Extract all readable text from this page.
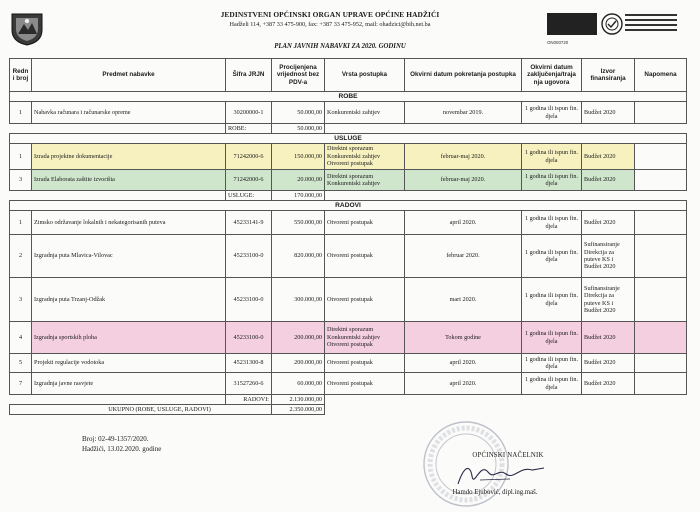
JEDINSTVENI OPĆINSKI ORGAN UPRAVE OPĆINE HADŽIĆI
Hadželi 114, +387 33 475-900, fax: +387 33 475-952, mail: ohadzici@bih.net.ba
ON000720
PLAN JAVNIH NABAVKI ZA 2020. GODINU
Redn i broj	Predmet nabavke	Šifra JRJN	Procijenjena vrijednost bez PDV-a	Vrsta postupka	Okvirni datum pokretanja postupka	Okvirni datum zaključenja/traja nja ugovora	Izvor finansiranja	Napomena
ROBE								
1	Nabavka računara i računarske opreme	30200000-1	50.000,00	Konkurentski zahtjev	novembar 2019.	1 godina ili ispun fin. djela	Budžet 2020	
		ROBE:	50.000,00					
USLUGE								
1	Izrada projektne dokumentacije	71242000-6	150.000,00	Direktni sporazum Konkurentski zahtjev Otvoreni postupak	februar-maj 2020.	1 godina ili ispun fin. djela	Budžet 2020	
3	Izrada Elaborata zaštite izvorišta	71242000-6	20.000,00	Direktni sporazum Konkurentski zahtjev	februar-maj 2020.	1 godina ili ispun fin. djela	Budžet 2020	
		USLUGE:	170.000,00					
RADOVI								
1	Zimsko održavanje lokalnih i nekategorisanih puteva	45233141-9	550.000,00	Otvoreni postupak	april 2020.	1 godina ili ispun fin. djela	Budžet 2020	
2	Izgradnja puta Mlavica-Vilovac	45233100-0	820.000,00	Otvoreni postupak	februar 2020.	1 godina ili ispun fin. djela	Sufinansiranje Direkcija za puteve KS i Budžet 2020	
3	Izgradnja puta Trzanj-Odžak	45233100-0	300.000,00	Otvoreni postupak	mart 2020.	1 godina ili ispun fin. djela	Sufinansiranje Direkcija za puteve KS i Budžet 2020	
4	Izgradnja sportskih ploha	45233100-0	200.000,00	Direktni sporazum Konkurentski zahtjev Otvoreni postupak	Tokom godine	1 godina ili ispun fin. djela	Budžet 2020	
5	Projekti regulacije vodotoka	45231300-8	200.000,00	Otvoreni postupak	april 2020.	1 godina ili ispun fin. djela	Budžet 2020	
7	Izgradnja javne rasvjete	31527260-6	60.000,00	Otvoreni postupak	april 2020.	1 godina ili ispun fin. djela	Budžet 2020	
		RADOVI:	2.130.000,00					
UKUPNO (ROBE, USLUGE, RADOVI)			2.350.000,00					
Broj: 02-49-1357/2020.
Hadžići, 13.02.2020. godine
OPĆINSKI NAČELNIK
Hamdo Ejubović, dipl.ing.maš.
